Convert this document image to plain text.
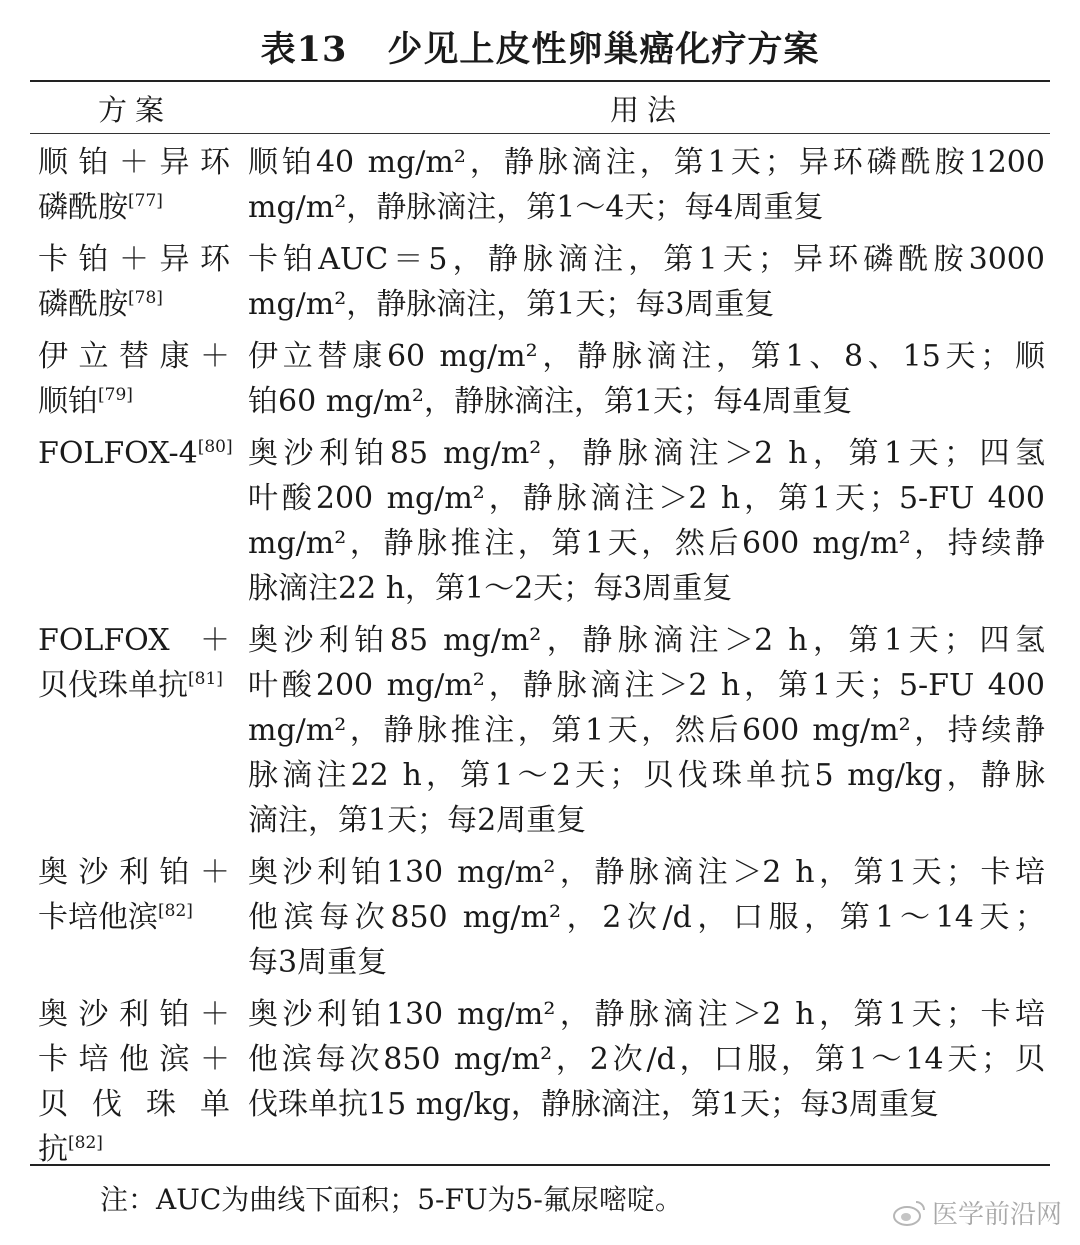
表13 少见上皮性卵巢癌化疗方案
方案	用法
顺铂＋异环
磷酰胺[77]
顺铂40 mg/m²，静脉滴注，第1天；异环磷酰胺1200
mg/m²，静脉滴注，第1～4天；每4周重复
卡铂＋异环
磷酰胺[78]
卡铂AUC＝5，静脉滴注，第1天；异环磷酰胺3000
mg/m²，静脉滴注，第1天；每3周重复
伊立替康＋
顺铂[79]
伊立替康60 mg/m²，静脉滴注，第1、8、15天；顺
铂60 mg/m²，静脉滴注，第1天；每4周重复
FOLFOX-4[80] 奥沙利铂85 mg/m²，静脉滴注＞2 h，第1天；四氢
叶酸200 mg/m²，静脉滴注＞2 h，第1天；5-FU 400
mg/m²，静脉推注，第1天，然后600 mg/m²，持续静
脉滴注22 h，第1～2天；每3周重复
FOLFOX ＋
贝伐珠单抗[81]
奥沙利铂85 mg/m²，静脉滴注＞2 h，第1天；四氢
叶酸200 mg/m²，静脉滴注＞2 h，第1天；5-FU 400
mg/m²，静脉推注，第1天，然后600 mg/m²，持续静
脉滴注22 h，第1～2天；贝伐珠单抗5 mg/kg，静脉
滴注，第1天；每2周重复
奥沙利铂＋
卡培他滨[82]
奥沙利铂130 mg/m²，静脉滴注＞2 h，第1天；卡培
他滨每次850 mg/m²，2次/d，口服，第1～14天；
每3周重复
奥沙利铂＋
卡培他滨＋
贝伐珠单
抗[82]
奥沙利铂130 mg/m²，静脉滴注＞2 h，第1天；卡培
他滨每次850 mg/m²，2次/d，口服，第1～14天；贝
伐珠单抗15 mg/kg，静脉滴注，第1天；每3周重复
注：AUC为曲线下面积；5-FU为5-氟尿嘧啶。	医学前沿网
